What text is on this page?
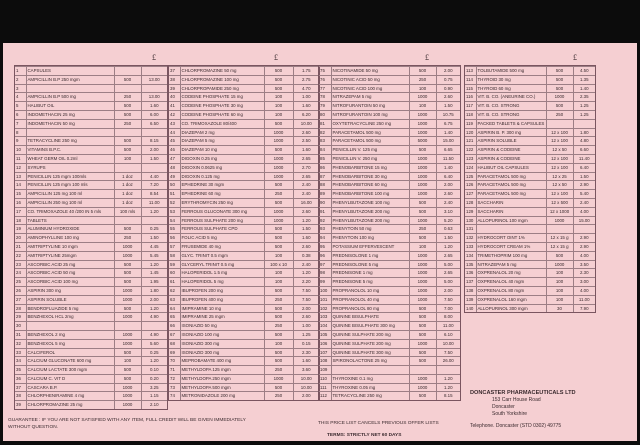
£	£	£	£
1	CAPSULES		
2	AMPICILLIN B.P 250 mgm	500	13.00
3			
4	AMPICILLIN B.P 500 mg	250	13.00
5	HALIBUT OIL	500	1.60
6	INDOMETHACIN 25 mg	500	6.00
7	INDOMETHACIN 50 mg	250	6.50
8			
9	TETRACYCLINE 250 mg	500	8.15
10	VITAMINS B.P.C.	500	2.00
11	WHEAT GERM OIL 0.2ml	100	1.50
12	SYRUPS		
13	PENICILLIN 125 mgm 100mls	1 doz	4.40
14	PENICILLIN 125 mgm 100 mls	1 doz	7.20
15	AMPICILLIN 125 mg 100 ml	1 doz	8.54
16	AMPICILLIN 250 mg 100 ml	1 doz	11.00
17	CO. TRIMOXAZOLE 40 /200 IN 5 mls	100 mls	1.20
18	TABLETS		
19	ALUMINIUM HYDROXIDE	500	0.25
20	AMINOPHYLLINE 100 mg	250	1.50
21	AMITRIPTYLINE 10 mgm	1000	4.45
22	AMITRIPTYLINE 25mgm	1000	5.45
23	ASCORBIC ACID 25 mg	500	1.20
24	ASCORBIC ACID 50 mg	500	1.45
25	ASCORBIC ACID 100 mg	500	1.95
26	ASPIRIN 300 mg	1000	1.80
27	ASPIRIN SOLUBLE	1000	2.00
28	BENDROFLUAZIDE 5 mg	500	1.20
29	BENZHEXOL HCL 2mg	1000	4.90
30			
31	BENZHEXOL 2 mg	1000	4.90
32	BENZHEXOL 5 mg	1000	5.60
33	CALCIFEROL	500	0.25
34	CALCIUM GLUCONATE 600 mg	100	1.20
35	CALCIUM LACTATE 300 mgm	500	0.10
36	CALCIUM C. VIT D	500	0.20
37	CASCARA B.P.	1000	3.25
38	CHLORPHENIRAMINE 4 mg	1000	1.15
39	CHLORPROMAZINE 25 mg	1000	2.10
37	CHLORPROMAZINE 50 mg	500	1.75
38	CHLORPROMAZINE 100 mg	500	2.75
39	CHLORPROPAMIDE 250 mg	500	4.70
40	CODEINE PHOSPHATE 15 mg	100	1.00
41	CODEINE PHOSPHATE 30 mg	100	1.60
42	CODEINE PHOSPHATE 60 mg	100	6.20
43	CO. TRIMOXAZOLE 80/400	500	10.00
44	DIAZEPAM 2 mg	1000	2.60
45	DIAZEPAM 5 mg	1000	2.50
46	DIAZEPAM 10 mg	500	1.60
47	DIGOXIN 0.25 mg	1000	2.65
48	DIGOXIN 0.0625 mg	1000	2.70
49	DIGOXIN 0.125 mg	1000	2.65
50	EPHEDRINE 30 mgm	500	2.40
51	EPHEDRINE 60 mg	250	2.40
52	ERYTHROMYCIN 250 mg	500	16.00
53	FERROUS GLUCONATE 300 mg	1000	2.60
54	FERROUS SULPHATE 200 mg	1000	1.20
55	FERROUS SULPHATE CPD	500	1.50
56	FOLIC ACID 5 mg	500	1.60
57	FRUSEMIDE 40 mg	500	2.60
58	GLYC. TRINIT 0.5 mgm	100	0.38
59	GLYCERYL TRINIT 0.5 mg	100 x 10	2.40
60	HALOPERIDOL 1.5 mg	100	1.20
61	HALOPERIDOL 5 mg	100	2.20
62	IBUPROFEN 200 mg	500	7.50
63	IBUPROFEN 400 mg	250	7.50
64	IMIPRAMINE 10 mg	500	2.00
65	IMIPRAMINE 25 mgm	500	2.60
66	ISONIAZID 50 mg	250	1.00
67	ISONIAZID 100 mg	500	1.25
68	ISONIAZID 300 mg	100	0.15
69	ISONIAZID 300 mg	500	2.30
70	MEPROBAMATE 400 mg	500	1.60
71	METHYLDOPA 125 mgm	250	3.60
72	METHYLDOPA 250 mgm	1000	10.00
73	METHYLDOPA 500 mgm	500	10.00
74	METRONIDAZOLE 200 mg	250	2.00
75	NICOTINAMIDE 50 mg	500	2.00
76	NICOTINIC ACID 50 mg	250	0.75
77	NICOTINIC ACID 100 mg	100	0.90
78	NITRAZEPAM 5 mg	1000	2.60
79	NITROFURANTOIN 50 mg	100	1.50
80	NITROFURANTOIN 100 mg	1000	10.75
81	OXYTETRACYCLINE 250 mg	1000	6.75
82	PARACETAMOL 500 mg	1000	1.40
83	PARACETAMOL 500 mg	5000	15.00
84	PENICILLIN V. 125 mg	500	6.65
85	PENICILLIN V. 250 mg	1000	11.50
86	PHENOBARBITONE 15 mg	1000	1.40
87	PHENOBARBITONE 30 mg	1000	6.40
88	PHENOBARBITONE 60 mg	1000	2.00
89	PHENOBARBITONE 100 mg	1000	2.60
90	PHENYLBUTAZONE 100 mg	500	2.40
91	PHENYLBUTAZONE 200 mg	500	3.10
92	PHENYLBUTAZONE 200 mg	1000	5.20
93	PHENYTOIN 50 mg	250	0.63
94	PHENYTOIN 100 mg	500	1.50
95	POTASSIUM EFFERVESCENT	100	1.20
96	PREDNISOLONE 1 mg	1000	2.65
97	PREDNISOLONE 5 mg	1000	5.00
98	PREDNISONE 1 mg	1000	2.65
99	PREDNISONE 5 mg	1000	5.00
100	PROPRANOLOL 10 mg	1000	2.00
101	PROPRANOLOL 40 mg	1000	7.50
102	PROPRANOLOL 80 mg	500	7.00
103	QUININE BISULPHATE	500	8.00
104	QUININE BISULPHATE 300 mg	500	11.00
105	QUININE SULPHATE 200 mg	500	6.10
106	QUININE SULPHATE 200 mg	1000	10.00
107	QUININE SULPHATE 300 mg	500	7.50
108	SPIRONOLACTONE 25 mg	500	26.00
109			
110	THYROXINE 0.1 mg	1000	1.20
111	THYROXINE 0.05 mg	1000	1.20
112	TETRACYCLINE 250 mg	500	8.15
113	TOLBUTAMIDE 500 mg	500	4.50
114	THYROID 30 mg	500	1.35
115	THYROID 60 mg	500	1.40
116	VIT. B. CO. (ANEURINE CO.)	1000	2.35
117	VIT. B. CO. STRONG	500	1.25
118	VIT. B. CO. STRONG	250	1.25
119	PACKED TABLETS & CAPSULES		
120	ASPIRIN B. P. 300 mg	12 x 100	1.80
121	ASPIRIN SOLUBLE	12 x 100	4.80
122	ASPIRIN & CODEINE	12 x 50	6.60
123	ASPIRIN & CODEINE	12 x 100	11.40
124	HALIBUT OIL CAPSULES	12 x 100	6.40
125	PARACETAMOL 500 mg	12 x 25	1.50
126	PARACETAMOL 500 mg	12 x 50	2.90
127	PARACETAMOL 500 mg	12 x 100	5.40
128	SACCHARIN	12 x 500	2.40
129	SACCHARIN	12 x 1000	4.00
130	ALLOPURINOL 100 mgm	1000	15.00
131			
132	HYDROCORT OINT 1%	12 x 15 g	2.90
133	HYDROCORT CREAM 1%	12 x 15 g	2.90
134	TRIMETHOPRIM 100 mg	500	4.00
135	NITRAZEPAM 5 mg	1000	3.50
136	OXPRENALOL 20 mg	100	2.30
137	OXPRENALOL 40 mgm	100	3.00
138	OXPRENALOL 80 mgm	100	4.00
139	OXPRENALOL 160 mgm	100	11.00
140	ALLOPURINOL 300 mgm	30	7.90
DONCASTER PHARMACEUTICALS LTD
153 Carr House Road
Doncaster
South Yorkshire
Telephone. Doncaster (STD 0302) 49775
GUARANTEE : IF YOU ARE NOT SATISFIED WITH ANY ITEM, FULL CREDIT WILL BE GIVEN IMMEDIATELY
WITHOUT QUESTION.
THIS PRICE LIST CANCELS PREVIOUS OFFER LISTS
TERMS: STRICTLY NET 60 DAYS
